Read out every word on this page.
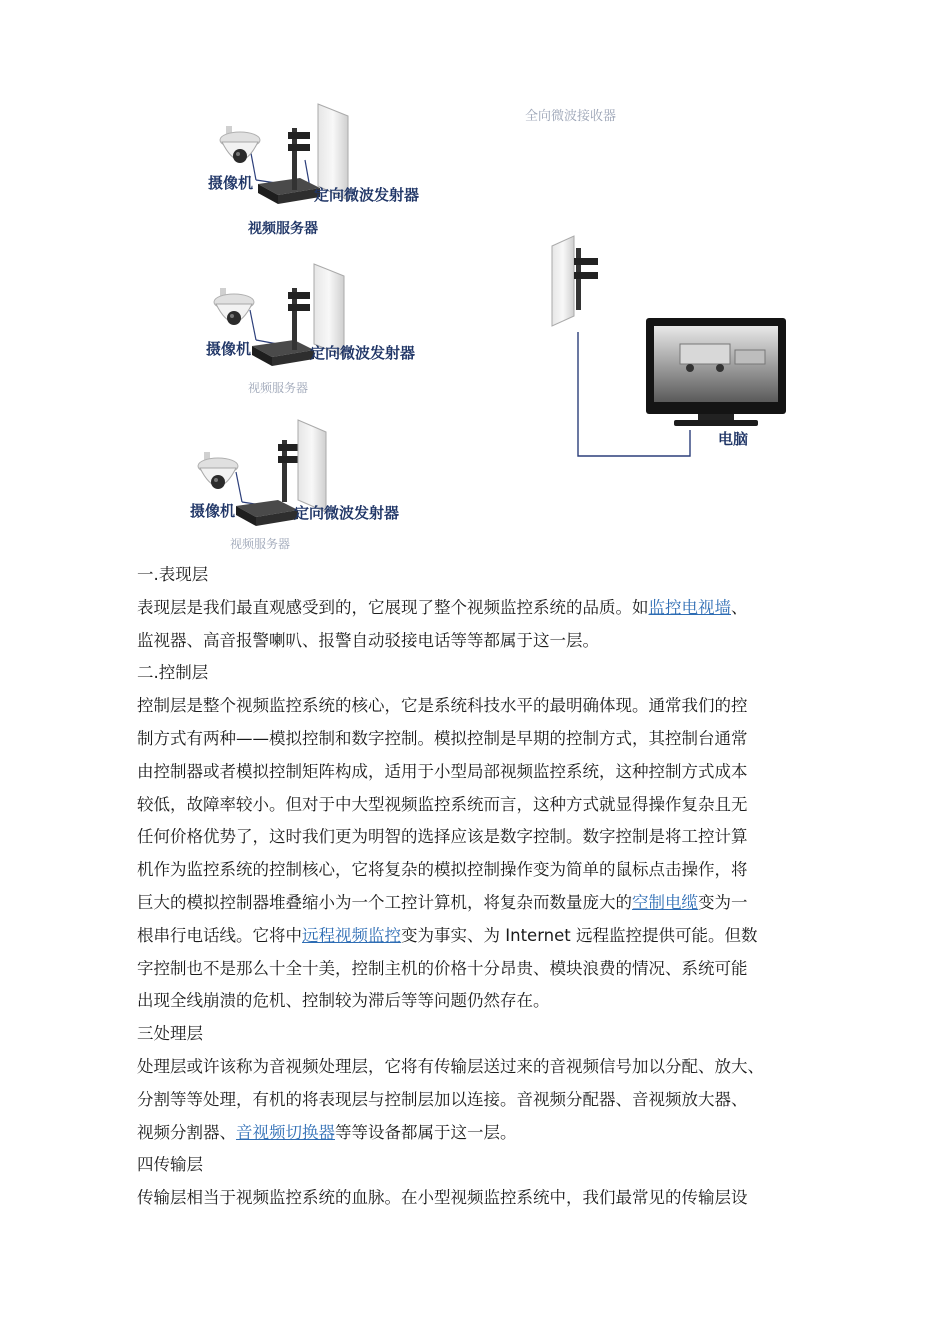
摄像机
定向微波发射器
视频服务器
全向微波接收器
摄像机	定向微波发射器
视频服务器
摄像机	定向微波发射器
视频服务器
电脑

一.表现层

表现层是我们最直观感受到的，它展现了整个视频监控系统的品质。如监控电视墙、

监视器、高音报警喇叭、报警自动驳接电话等等都属于这一层。

二.控制层

控制层是整个视频监控系统的核心，它是系统科技水平的最明确体现。通常我们的控

制方式有两种——模拟控制和数字控制。模拟控制是早期的控制方式，其控制台通常

由控制器或者模拟控制矩阵构成，适用于小型局部视频监控系统，这种控制方式成本

较低，故障率较小。但对于中大型视频监控系统而言，这种方式就显得操作复杂且无

任何价格优势了，这时我们更为明智的选择应该是数字控制。数字控制是将工控计算

机作为监控系统的控制核心，它将复杂的模拟控制操作变为简单的鼠标点击操作，将

巨大的模拟控制器堆叠缩小为一个工控计算机，将复杂而数量庞大的空制电缆变为一

根串行电话线。它将中远程视频监控变为事实、为 Internet 远程监控提供可能。但数

字控制也不是那么十全十美，控制主机的价格十分昂贵、模块浪费的情况、系统可能

出现全线崩溃的危机、控制较为滞后等等问题仍然存在。

三处理层

处理层或许该称为音视频处理层，它将有传输层送过来的音视频信号加以分配、放大、

分割等等处理，有机的将表现层与控制层加以连接。音视频分配器、音视频放大器、

视频分割器、音视频切换器等等设备都属于这一层。

四传输层

传输层相当于视频监控系统的血脉。在小型视频监控系统中，我们最常见的传输层设
